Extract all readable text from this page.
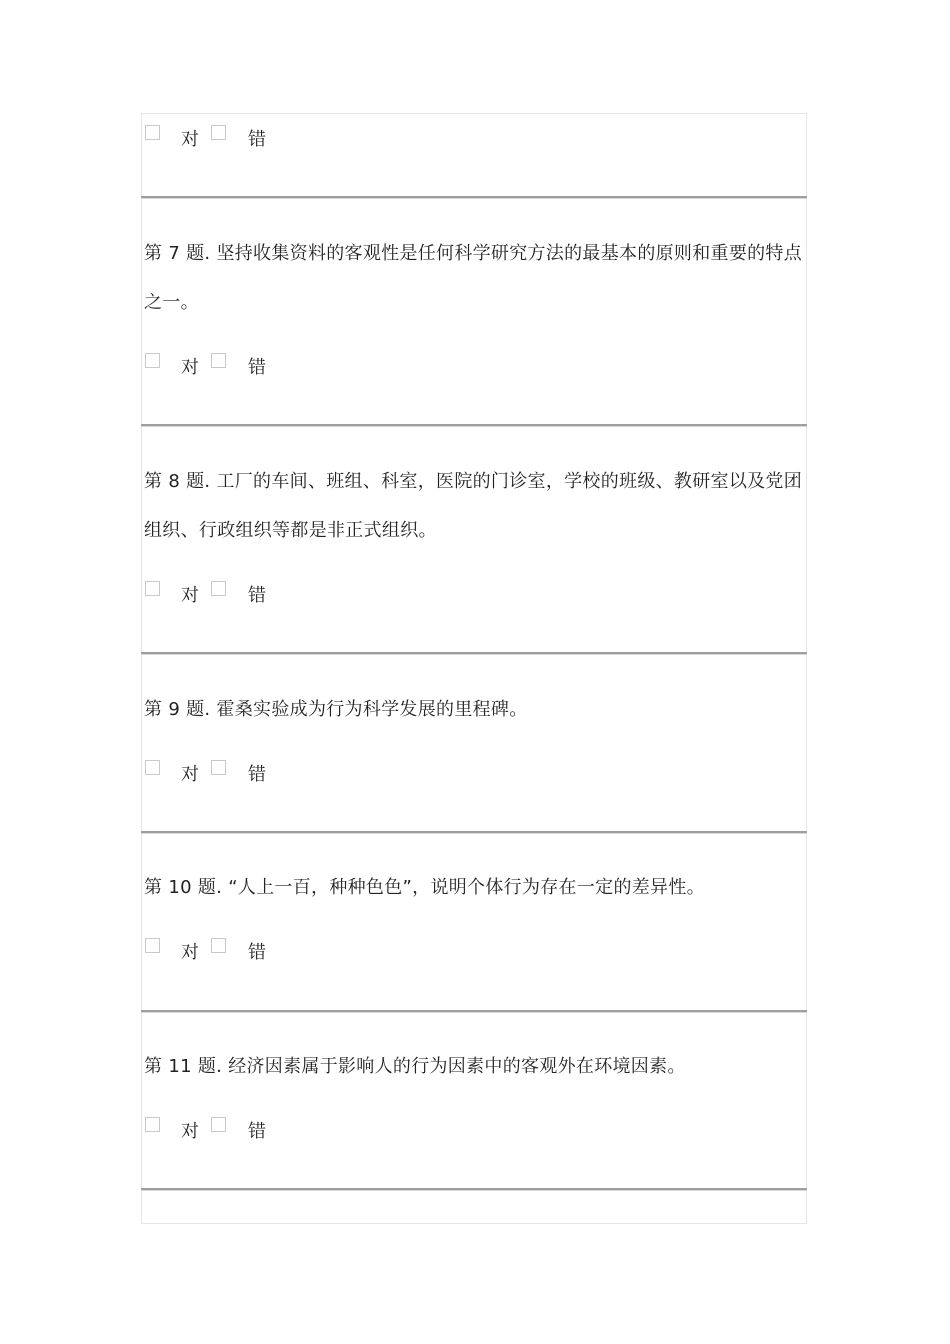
对	错

第 7 题. 坚持收集资料的客观性是任何科学研究方法的最基本的原则和重要的特点之一。

对	错

第 8 题. 工厂的车间、班组、科室，医院的门诊室，学校的班级、教研室以及党团组织、行政组织等都是非正式组织。

对	错

第 9 题. 霍桑实验成为行为科学发展的里程碑。

对	错

第 10 题. “人上一百，种种色色”，说明个体行为存在一定的差异性。

对	错

第 11 题. 经济因素属于影响人的行为因素中的客观外在环境因素。

对	错
